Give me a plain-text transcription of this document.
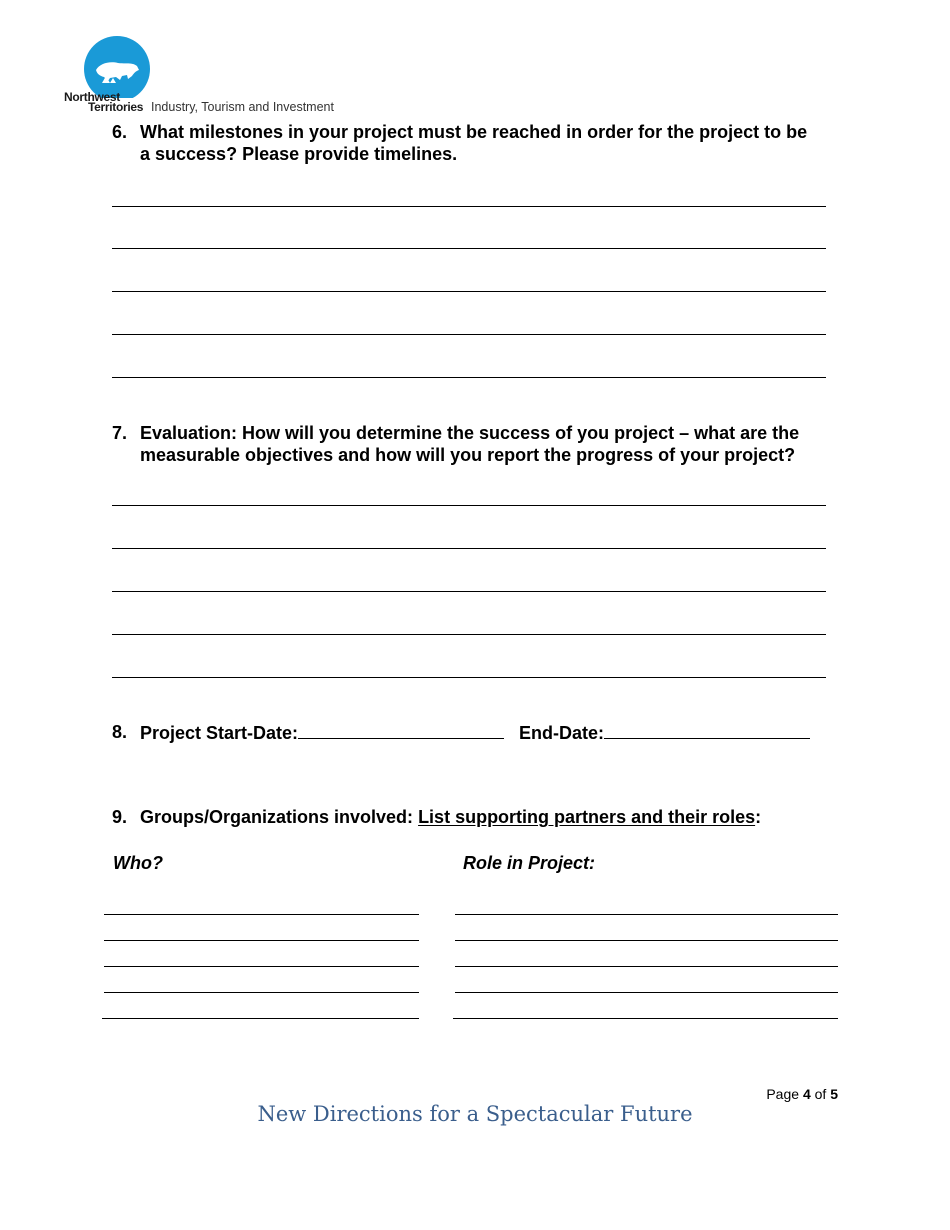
Northwest
Territories Industry, Tourism and Investment
6. What milestones in your project must be reached in order for the project to be a success? Please provide timelines.
7. Evaluation: How will you determine the success of you project – what are the measurable objectives and how will you report the progress of your project?
8. Project Start-Date:	End-Date:
9. Groups/Organizations involved: List supporting partners and their roles:
Who?	Role in Project:
Page 4 of 5
New Directions for a Spectacular Future
